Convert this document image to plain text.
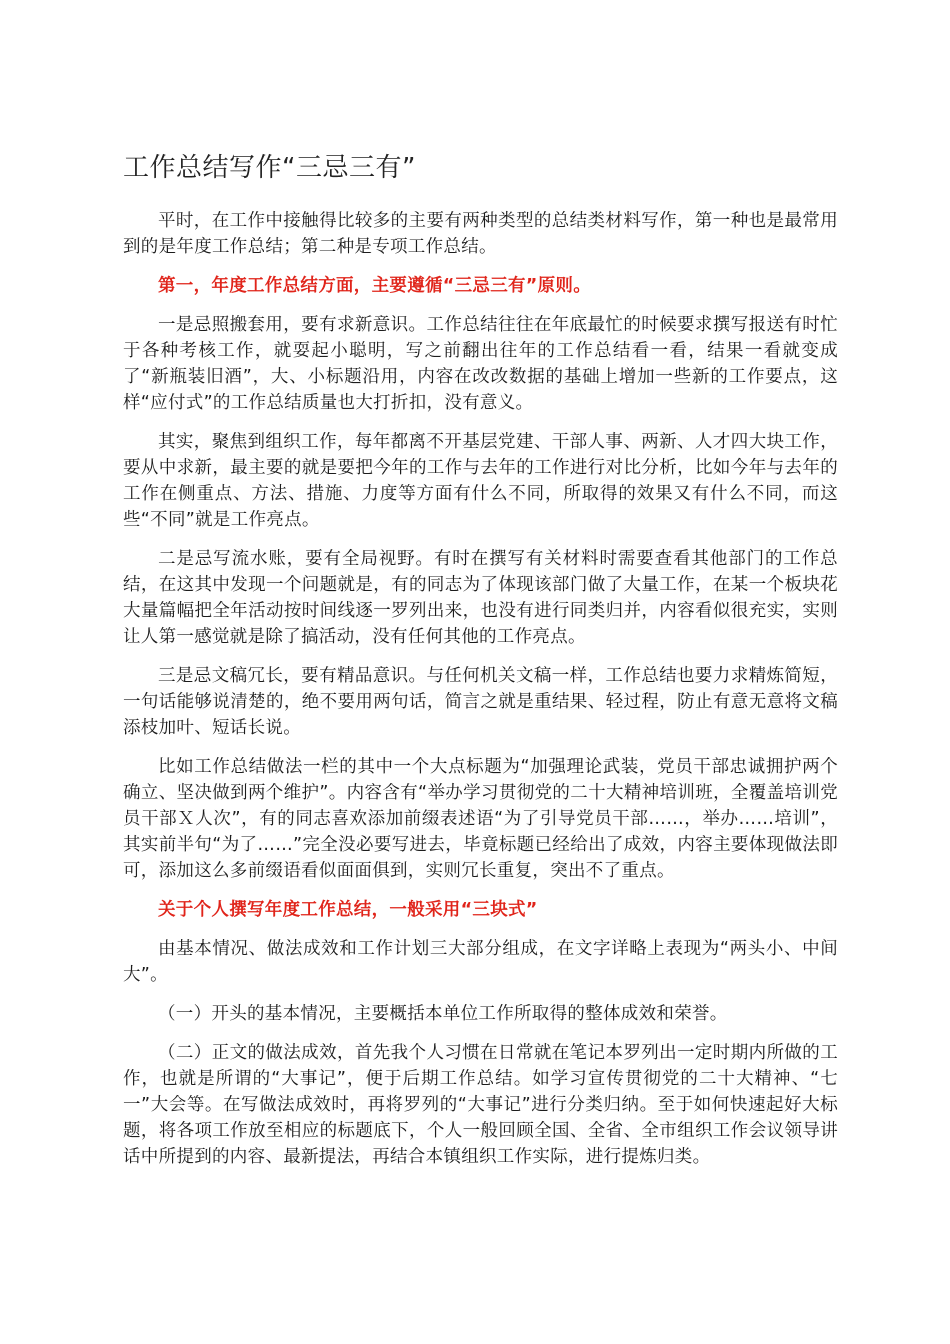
工作总结写作“三忌三有”

平时，在工作中接触得比较多的主要有两种类型的总结类材料写作，第一种也是最常用到的是年度工作总结；第二种是专项工作总结。

第一，年度工作总结方面，主要遵循“三忌三有”原则。

一是忌照搬套用，要有求新意识。工作总结往往在年底最忙的时候要求撰写报送有时忙于各种考核工作，就耍起小聪明，写之前翻出往年的工作总结看一看，结果一看就变成了“新瓶装旧酒”，大、小标题沿用，内容在改改数据的基础上增加一些新的工作要点，这样“应付式”的工作总结质量也大打折扣，没有意义。

其实，聚焦到组织工作，每年都离不开基层党建、干部人事、两新、人才四大块工作，要从中求新，最主要的就是要把今年的工作与去年的工作进行对比分析，比如今年与去年的工作在侧重点、方法、措施、力度等方面有什么不同，所取得的效果又有什么不同，而这些“不同”就是工作亮点。

二是忌写流水账，要有全局视野。有时在撰写有关材料时需要查看其他部门的工作总结，在这其中发现一个问题就是，有的同志为了体现该部门做了大量工作，在某一个板块花大量篇幅把全年活动按时间线逐一罗列出来，也没有进行同类归并，内容看似很充实，实则让人第一感觉就是除了搞活动，没有任何其他的工作亮点。

三是忌文稿冗长，要有精品意识。与任何机关文稿一样，工作总结也要力求精炼简短，一句话能够说清楚的，绝不要用两句话，简言之就是重结果、轻过程，防止有意无意将文稿添枝加叶、短话长说。

比如工作总结做法一栏的其中一个大点标题为“加强理论武装，党员干部忠诚拥护两个确立、坚决做到两个维护”。内容含有“举办学习贯彻党的二十大精神培训班，全覆盖培训党员干部Ｘ人次”，有的同志喜欢添加前缀表述语“为了引导党员干部……，举办……培训”，其实前半句“为了……”完全没必要写进去，毕竟标题已经给出了成效，内容主要体现做法即可，添加这么多前缀语看似面面俱到，实则冗长重复，突出不了重点。

关于个人撰写年度工作总结，一般采用“三块式”

由基本情况、做法成效和工作计划三大部分组成，在文字详略上表现为“两头小、中间大”。

（一）开头的基本情况，主要概括本单位工作所取得的整体成效和荣誉。

（二）正文的做法成效，首先我个人习惯在日常就在笔记本罗列出一定时期内所做的工作，也就是所谓的“大事记”，便于后期工作总结。如学习宣传贯彻党的二十大精神、“七一”大会等。在写做法成效时，再将罗列的“大事记”进行分类归纳。至于如何快速起好大标题，将各项工作放至相应的标题底下，个人一般回顾全国、全省、全市组织工作会议领导讲话中所提到的内容、最新提法，再结合本镇组织工作实际，进行提炼归类。
